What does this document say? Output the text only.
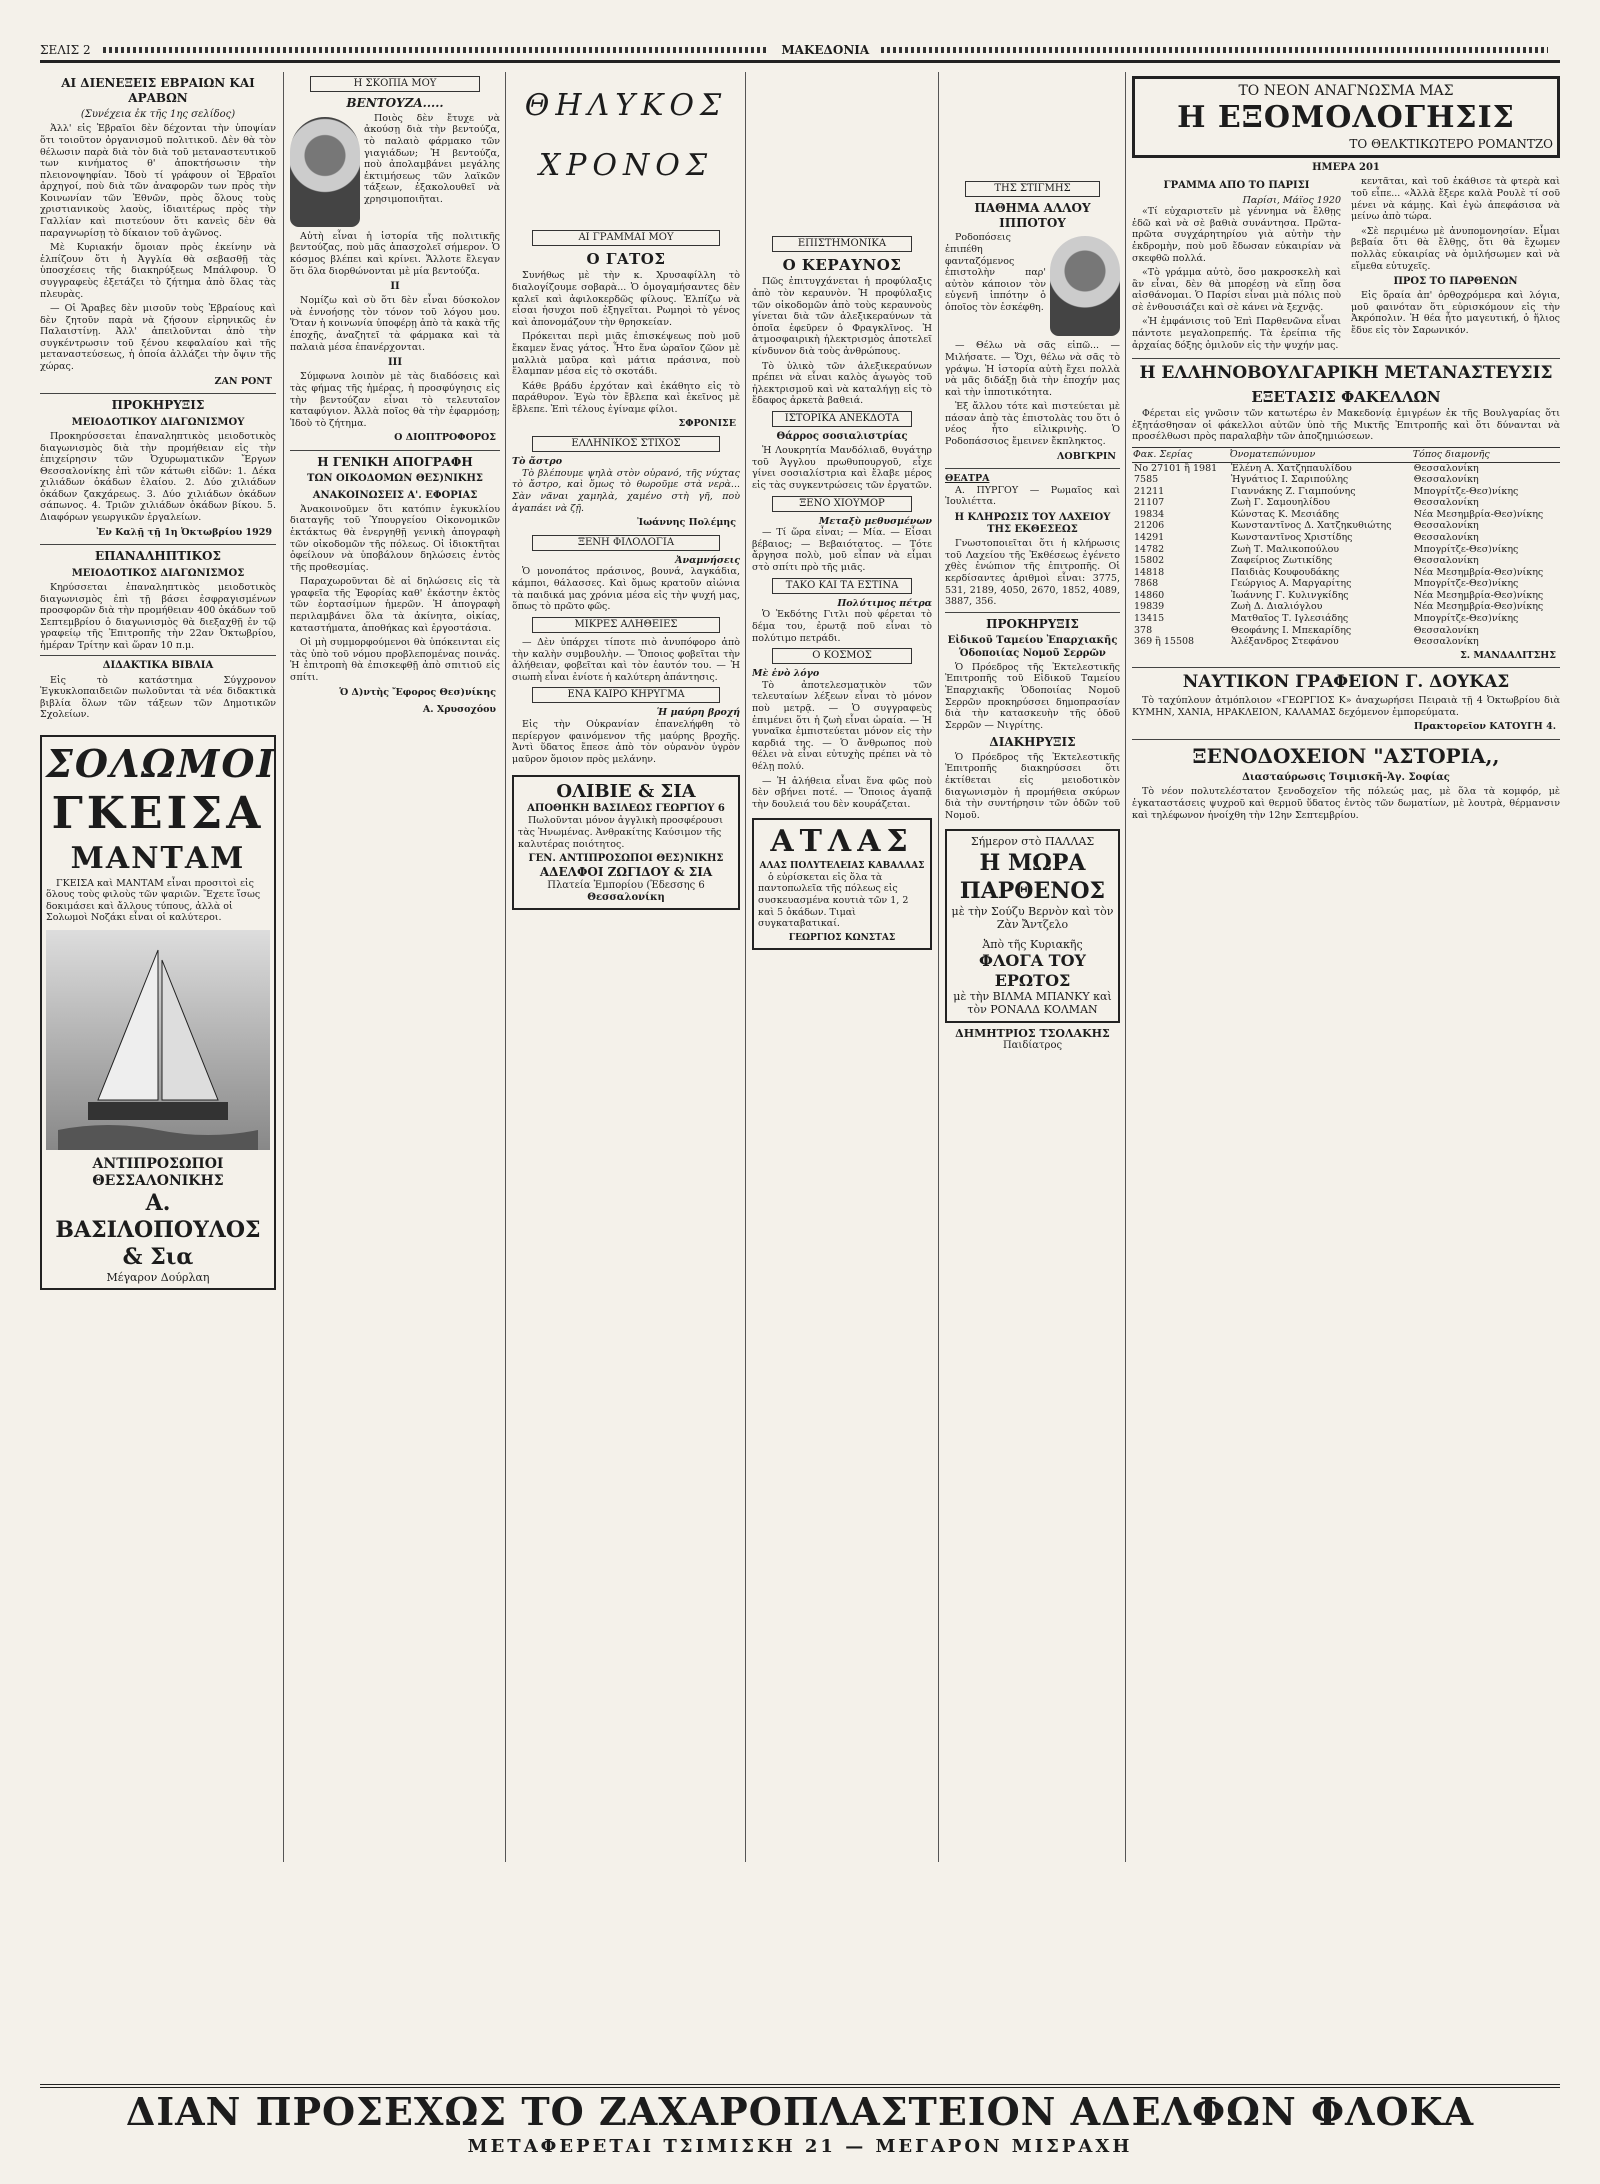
ΣΕΛΙΣ 2	ΜΑΚΕΔΟΝΙΑ
ΑΙ ΔΙΕΝΕΞΕΙΣ ΕΒΡΑΙΩΝ ΚΑΙ ΑΡΑΒΩΝ
(Συνέχεια ἐκ τῆς 1ης σελίδος)

Ἀλλ' εἰς Ἑβραῖοι δὲν δέχονται τὴν ὑποψίαν ὅτι τοιοῦτον ὀργανισμοῦ πολιτικοῦ. Δὲν θὰ τὸν θέλωσιν παρὰ διὰ τὸν διὰ τοῦ μεταναστευτικοῦ των κινήματος θ' ἀποκτήσωσιν τὴν πλειονοψηφίαν. Ἰδοὺ τί γράφουν οἱ Ἑβραῖοι ἀρχηγοί, ποὺ διὰ τῶν ἀναφορῶν των πρὸς τὴν Κοινωνίαν τῶν Ἐθνῶν, πρὸς ὅλους τοὺς χριστιανικοὺς λαοὺς, ἰδιαιτέρως πρὸς τὴν Γαλλίαν καὶ πιστεύουν ὅτι κανεὶς δὲν θὰ παραγνωρίσῃ τὸ δίκαιον τοῦ ἀγῶνος.

Μὲ Κυριακήν ὅμοιαν πρὸς ἐκείνην νὰ ἐλπίζουν ὅτι ἡ Ἀγγλία θὰ σεβασθῇ τὰς ὑποσχέσεις τῆς διακηρύξεως Μπάλφουρ. Ὁ συγγραφεὺς ἐξετάζει τὸ ζήτημα ἀπὸ ὅλας τὰς πλευρὰς.

— Οἱ Ἄραβες δὲν μισοῦν τοὺς Ἑβραίους καὶ δὲν ζητοῦν παρὰ νὰ ζήσουν εἰρηνικῶς ἐν Παλαιστίνῃ. Ἀλλ' ἀπειλοῦνται ἀπὸ τὴν συγκέντρωσιν τοῦ ξένου κεφαλαίου καὶ τῆς μεταναστεύσεως, ἡ ὁποία ἀλλάζει τὴν ὄψιν τῆς χώρας.

ZAN PONT
ΠΡΟΚΗΡΥΞΙΣ
ΜΕΙΟΔΟΤΙΚΟΥ ΔΙΑΓΩΝΙΣΜΟΥ

Προκηρύσσεται ἐπαναληπτικὸς μειοδοτικὸς διαγωνισμὸς διὰ τὴν προμήθειαν εἰς τὴν ἐπιχείρησιν τῶν Ὀχυρωματικῶν Ἔργων Θεσσαλονίκης ἐπὶ τῶν κάτωθι εἰδῶν: 1. Δέκα χιλιάδων ὀκάδων ἐλαίου. 2. Δύο χιλιάδων ὀκάδων ζακχάρεως. 3. Δύο χιλιάδων ὀκάδων σάπωνος. 4. Τριῶν χιλιάδων ὀκάδων βίκου. 5. Διαφόρων γεωργικῶν ἐργαλείων.

Ἐν Καλῇ τῇ 1η Ὀκτωβρίου 1929
ΕΠΑΝΑΛΗΠΤΙΚΟΣ
ΜΕΙΟΔΟΤΙΚΟΣ ΔΙΑΓΩΝΙΣΜΟΣ

Κηρύσσεται ἐπαναληπτικὸς μειοδοτικὸς διαγωνισμὸς ἐπὶ τῇ βάσει ἐσφραγισμένων προσφορῶν διὰ τὴν προμήθειαν 400 ὀκάδων τοῦ Σεπτεμβρίου ὁ διαγωνισμὸς θὰ διεξαχθῇ ἐν τῷ γραφείῳ τῆς Ἐπιτροπῆς τὴν 22αν Ὀκτωβρίου, ἡμέραν Τρίτην καὶ ὥραν 10 π.μ.

ΔΙΔΑΚΤΙΚΑ ΒΙΒΛΙΑ

Εἰς τὸ κατάστημα Σύγχρονον Ἐγκυκλοπαιδειῶν πωλοῦνται τὰ νέα διδακτικὰ βιβλία ὅλων τῶν τάξεων τῶν Δημοτικῶν Σχολείων.

ΣΟΛΩΜΟΙ
ΓΚΕΙΣΑ
ΜΑΝΤΑΜ

ΓΚΕΙΣΑ καὶ ΜΑΝΤΑΜ εἶναι προσιτοὶ εἰς ὅλους τοὺς φιλοὺς τῶν ψαριῶν. Ἔχετε ἴσως δοκιμάσει καὶ ἄλλους τύπους, ἀλλὰ οἱ Σολωμοὶ Νοζάκι εἶναι οἱ καλύτεροι.

ΑΝΤΙΠΡΟΣΩΠΟΙ ΘΕΣΣΑΛΟΝΙΚΗΣ
Α. ΒΑΣΙΛΟΠΟΥΛΟΣ & Σια
Μέγαρον Δούρλαη
Η ΣΚΟΠΙΑ ΜΟΥ
ΒΕΝΤΟΥΖΑ.....

Ποιὸς δὲν ἔτυχε νὰ ἀκούσῃ διὰ τὴν βεντούζα, τὸ παλαιὸ φάρμακο τῶν γιαγιάδων; Ἡ βεντούζα, ποὺ ἀπολαμβάνει μεγάλης ἐκτιμήσεως τῶν λαϊκῶν τάξεων, ἐξακολουθεῖ νὰ χρησιμοποιῆται.

Αὐτὴ εἶναι ἡ ἱστορία τῆς πολιτικῆς βεντούζας, ποὺ μᾶς ἀπασχολεῖ σήμερον. Ὁ κόσμος βλέπει καὶ κρίνει. Ἄλλοτε ἔλεγαν ὅτι ὅλα διορθώνονται μὲ μία βεντούζα.

ΙΙ

Νομίζω καὶ σὺ ὅτι δὲν εἶναι δύσκολον νὰ ἐννοήσῃς τὸν τόνον τοῦ λόγου μου. Ὅταν ἡ κοινωνία ὑποφέρῃ ἀπὸ τὰ κακὰ τῆς ἐποχῆς, ἀναζητεῖ τὰ φάρμακα καὶ τὰ παλαιὰ μέσα ἐπανέρχονται.

ΙΙΙ

Σύμφωνα λοιπὸν μὲ τὰς διαδόσεις καὶ τὰς φήμας τῆς ἡμέρας, ἡ προσφύγησις εἰς τὴν βεντούζαν εἶναι τὸ τελευταῖον καταφύγιον. Ἀλλὰ ποῖος θὰ τὴν ἐφαρμόσῃ; Ἰδοὺ τὸ ζήτημα.

Ο ΔΙΟΠΤΡΟΦΟΡΟΣ
Η ΓΕΝΙΚΗ ΑΠΟΓΡΑΦΗ
ΤΩΝ ΟΙΚΟΔΟΜΩΝ ΘΕΣ)ΝΙΚΗΣ
ΑΝΑΚΟΙΝΩΣΕΙΣ Α'. ΕΦΟΡΙΑΣ

Ἀνακοινοῦμεν ὅτι κατόπιν ἐγκυκλίου διαταγῆς τοῦ Ὑπουργείου Οἰκονομικῶν ἐκτάκτως θὰ ἐνεργηθῇ γενικὴ ἀπογραφὴ τῶν οἰκοδομῶν τῆς πόλεως. Οἱ ἰδιοκτῆται ὀφείλουν νὰ ὑποβάλουν δηλώσεις ἐντὸς τῆς προθεσμίας.

Παραχωροῦνται δὲ αἱ δηλώσεις εἰς τὰ γραφεῖα τῆς Ἐφορίας καθ' ἑκάστην ἐκτὸς τῶν ἑορτασίμων ἡμερῶν. Ἡ ἀπογραφὴ περιλαμβάνει ὅλα τὰ ἀκίνητα, οἰκίας, καταστήματα, ἀποθήκας καὶ ἐργοστάσια.

Οἱ μὴ συμμορφούμενοι θὰ ὑπόκεινται εἰς τὰς ὑπὸ τοῦ νόμου προβλεπομένας ποινάς. Ἡ ἐπιτροπὴ θὰ ἐπισκεφθῇ ἀπὸ σπιτιοῦ εἰς σπίτι.

Ὁ Δ)ντὴς Ἔφορος Θεσ)νίκης
Α. Χρυσοχόου
ΘΗΛΥΚΟΣ ΧΡΟΝΟΣ
ΑΙ ΓΡΑΜΜΑΙ ΜΟΥ
Ο ΓΑΤΟΣ

Συνήθως μὲ τὴν κ. Χρυσαφίλλη τὸ διαλογίζουμε σοβαρὰ... Ὁ ὁμογαμήσαντες δὲν καλεῖ καὶ ἀφιλοκερδῶς φίλους. Ἐλπίζω νὰ εἶσαι ἡσυχοι ποῦ ἐξηγεῖται. Ρωμηοὶ τὸ γένος καὶ ἀπονομάζουν τὴν θρησκείαν.

Πρόκειται περὶ μιᾶς ἐπισκέψεως ποὺ μοῦ ἔκαμεν ἕνας γάτος. Ἦτο ἕνα ὡραῖον ζῶον μὲ μαλλιὰ μαῦρα καὶ μάτια πράσινα, ποὺ ἔλαμπαν μέσα εἰς τὸ σκοτάδι.

Κάθε βράδυ ἐρχόταν καὶ ἐκάθητο εἰς τὸ παράθυρον. Ἐγὼ τὸν ἔβλεπα καὶ ἐκεῖνος μὲ ἔβλεπε. Ἐπὶ τέλους ἐγίναμε φίλοι.

ΣΦΡΟΝΙΣΕ
ΕΛΛΗΝΙΚΟΣ ΣΤΙΧΟΣ
Τὸ ἄστρο

Τὸ βλέπουμε ψηλὰ στὸν οὐρανό, τῆς νύχτας τὸ ἄστρο, καὶ ὅμως τὸ θωροῦμε στὰ νερὰ... Σὰν νᾶναι χαμηλὰ, χαμένο στὴ γῆ, ποὺ ἀγαπάει νὰ ζῇ.

Ἰωάννης Πολέμης
ΞΕΝΗ ΦΙΛΟΛΟΓΙΑ
Ἀναμνήσεις

Ὁ μονοπάτος πράσινος, βουνά, λαγκάδια, κάμποι, θάλασσες. Καὶ ὅμως κρατοῦν αἰώνια τὰ παιδικά μας χρόνια μέσα εἰς τὴν ψυχή μας, ὅπως τὸ πρῶτο φῶς.

ΜΙΚΡΕΣ ΑΛΗΘΕΙΕΣ

— Δὲν ὑπάρχει τίποτε πιὸ ἀνυπόφορο ἀπὸ τὴν καλὴν συμβουλὴν. — Ὅποιος φοβεῖται τὴν ἀλήθειαν, φοβεῖται καὶ τὸν ἑαυτόν του. — Ἡ σιωπὴ εἶναι ἐνίοτε ἡ καλύτερη ἀπάντησις.

ΕΝΑ ΚΑΙΡΟ ΚΗΡΥΓΜΑ
Ἡ μαύρη βροχή

Εἰς τὴν Οὐκρανίαν ἐπανελήφθη τὸ περίεργον φαινόμενον τῆς μαύρης βροχῆς. Ἀντὶ ὕδατος ἔπεσε ἀπὸ τὸν οὐρανὸν ὑγρὸν μαῦρον ὅμοιον πρὸς μελάνην.

ΟΛΙΒΙΕ & ΣΙΑ
ΑΠΟΘΗΚΗ ΒΑΣΙΛΕΩΣ ΓΕΩΡΓΙΟΥ 6

Πωλοῦνται μόνον ἀγγλικὴ προσφέρουσι τὰς Ἡνωμένας. Ἀνθρακίτης Καύσιμον τῆς καλυτέρας ποιότητος.

ΓΕΝ. ΑΝΤΙΠΡΟΣΩΠΟΙ ΘΕΣ)ΝΙΚΗΣ
ΑΔΕΛΦΟΙ ΖΩΓΙΔΟΥ & ΣΙΑ
Πλατεία Ἐμπορίου (Ἐδεσσης 6
Θεσσαλονίκη
ΕΠΙΣΤΗΜΟΝΙΚΑ
Ο ΚΕΡΑΥΝΟΣ

Πῶς ἐπιτυγχάνεται ἡ προφύλαξις ἀπὸ τὸν κεραυνὸν. Ἡ προφύλαξις τῶν οἰκοδομῶν ἀπὸ τοὺς κεραυνοὺς γίνεται διὰ τῶν ἀλεξικεραύνων τὰ ὁποῖα ἐφεῦρεν ὁ Φραγκλῖνος. Ἡ ἀτμοσφαιρικὴ ἠλεκτρισμὸς ἀποτελεῖ κίνδυνον διὰ τοὺς ἀνθρώπους.

Τὸ ὑλικὸ τῶν ἀλεξικεραύνων πρέπει νὰ εἶναι καλὸς ἀγωγὸς τοῦ ἠλεκτρισμοῦ καὶ νὰ καταλήγῃ εἰς τὸ ἔδαφος ἀρκετὰ βαθειά.

ΙΣΤΟΡΙΚΑ ΑΝΕΚΔΟΤΑ
Θάρρος σοσιαλιστρίας

Ἡ Λουκρητία Μανδόλιαδ, θυγάτηρ τοῦ Ἀγγλου πρωθυπουργοῦ, εἶχε γίνει σοσιαλίστρια καὶ ἔλαβε μέρος εἰς τὰς συγκεντρώσεις τῶν ἐργατῶν.

ΞΕΝΟ ΧΙΟΥΜΟΡ
Μεταξὺ μεθυσμένων

— Τί ὥρα εἶναι; — Μία. — Εἶσαι βέβαιος; — Βεβαιότατος. — Τότε ἄργησα πολὺ, μοῦ εἶπαν νὰ εἶμαι στὸ σπίτι πρὸ τῆς μιᾶς.

ΤΑΚΟ ΚΑΙ ΤΑ ΕΣΤΙΝΑ
Πολύτιμος πέτρα

Ὁ Ἐκδότης Γιτλι ποὺ φέρεται τὸ δέμα του, ἐρωτᾷ ποῦ εἶναι τὸ πολύτιμο πετράδι.

Ο ΚΟΣΜΟΣ
Μὲ ἑνὸ λόγο

Τὸ ἀποτελεσματικὸν τῶν τελευταίων λέξεων εἶναι τὸ μόνον ποὺ μετρᾷ. — Ὁ συγγραφεὺς ἐπιμένει ὅτι ἡ ζωὴ εἶναι ὡραία. — Ἡ γυναῖκα ἐμπιστεύεται μόνον εἰς τὴν καρδιά της. — Ὁ ἄνθρωπος ποὺ θέλει νὰ εἶναι εὐτυχὴς πρέπει νὰ τὸ θέλῃ πολύ.

— Ἡ ἀλήθεια εἶναι ἕνα φῶς ποὺ δὲν σβήνει ποτέ. — Ὅποιος ἀγαπᾷ τὴν δουλειά του δὲν κουράζεται.

ΑΤΛΑΣ
ΑΛΑΣ ΠΟΛΥΤΕΛΕΙΑΣ ΚΑΒΑΛΛΑΣ

ὁ εὐρίσκεται εἰς ὅλα τὰ παντοπωλεῖα τῆς πόλεως εἰς συσκευασμένα κουτιὰ τῶν 1, 2 καὶ 5 ὀκάδων. Τιμαὶ συγκαταβατικαί.

ΓΕΩΡΓΙΟΣ ΚΩΝΣΤΑΣ
ΤΗΣ ΣΤΙΓΜΗΣ
ΠΑΘΗΜΑ ΑΛΛΟΥ ΙΠΠΟΤΟΥ

Ροδοπόσεις ἐπιπέθη φανταζόμενος ἐπιστολὴν παρ' αὐτὸν κάποιον τὸν εὐγενῆ ἱππότην ὁ ὁποῖος τὸν ἐσκέφθη.

— Θέλω νὰ σᾶς εἰπῶ... — Μιλήσατε. — Ὄχι, θέλω νὰ σᾶς τὸ γράψω. Ἡ ἱστορία αὐτὴ ἔχει πολλὰ νὰ μᾶς διδάξῃ διὰ τὴν ἐποχήν μας καὶ τὴν ἱπποτικότητα.

Ἐξ ἄλλου τότε καὶ πιστεύεται μὲ πάσαν ἀπὸ τὰς ἐπιστολὰς του ὅτι ὁ νέος ἦτο εἰλικρινὴς. Ὁ Ροδοπάσσιος ἔμεινεν ἔκπληκτος.

ΛΟΒΓΚΡΙΝ
ΘΕΑΤΡΑ

Α. ΠΥΡΓΟΥ — Ρωμαῖος καὶ Ἰουλιέττα.

Η ΚΛΗΡΩΣΙΣ ΤΟΥ ΛΑΧΕΙΟΥ ΤΗΣ ΕΚΘΕΣΕΩΣ

Γνωστοποιεῖται ὅτι ἡ κλήρωσις τοῦ Λαχείου τῆς Ἐκθέσεως ἐγένετο χθὲς ἐνώπιον τῆς ἐπιτροπῆς. Οἱ κερδίσαντες ἀριθμοὶ εἶναι: 3775, 531, 2189, 4050, 2670, 1852, 4089, 3887, 356.

ΠΡΟΚΗΡΥΞΙΣ
Εἰδικοῦ Ταμείου Ἐπαρχιακῆς Ὁδοποιίας Νομοῦ Σερρῶν

Ὁ Πρόεδρος τῆς Ἐκτελεστικῆς Ἐπιτροπῆς τοῦ Εἰδικοῦ Ταμείου Ἐπαρχιακῆς Ὁδοποιίας Νομοῦ Σερρῶν προκηρύσσει δημοπρασίαν διὰ τὴν κατασκευὴν τῆς ὁδοῦ Σερρῶν — Νιγρίτης.

ΔΙΑΚΗΡΥΞΙΣ

Ὁ Πρόεδρος τῆς Ἐκτελεστικῆς Ἐπιτροπῆς διακηρύσσει ὅτι ἐκτίθεται εἰς μειοδοτικὸν διαγωνισμὸν ἡ προμήθεια σκύρων διὰ τὴν συντήρησιν τῶν ὁδῶν τοῦ Νομοῦ.

Σήμερον στὸ ΠΑΛΛΑΣ
Η ΜΩΡΑ ΠΑΡΘΕΝΟΣ
μὲ τὴν Σούζυ Βερνὸν καὶ τὸν Ζὰν Ἄντζελο
Ἀπὸ τῆς Κυριακῆς
ΦΛΟΓΑ ΤΟΥ ΕΡΩΤΟΣ
μὲ τὴν ΒΙΛΜΑ ΜΠΑΝΚΥ καὶ τὸν ΡΟΝΑΛΔ ΚΟΛΜΑΝ
ΔΗΜΗΤΡΙΟΣ ΤΣΟΛΑΚΗΣ
Παιδίατρος
ΤΟ ΝΕΟΝ ΑΝΑΓΝΩΣΜΑ ΜΑΣ
Η ΕΞΟΜΟΛΟΓΗΣΙΣ
ΤΟ ΘΕΛΚΤΙΚΩΤΕΡΟ ΡΟΜΑΝΤΖΟ
ΗΜΕΡΑ 201
ΓΡΑΜΜΑ ΑΠΟ ΤΟ ΠΑΡΙΣΙ
Παρίσι, Μάϊος 1920

«Τί εὐχαριστεῖν μὲ γέννημα νὰ ἔλθῃς ἐδῶ καὶ νὰ σὲ βαθιὰ συνάντησα. Πρῶτα-πρῶτα συγχάρητηρίου γιὰ αὐτὴν τὴν ἐκδρομὴν, ποὺ μοῦ ἔδωσαν εὐκαιρίαν νὰ σκεφθῶ πολλά.

«Τὸ γράμμα αὐτὸ, ὅσο μακροσκελὴ καὶ ἂν εἶναι, δὲν θὰ μπορέσῃ νὰ εἴπῃ ὅσα αἰσθάνομαι. Ὁ Παρίσι εἶναι μιὰ πόλις ποὺ σὲ ἐνθουσιάζει καὶ σὲ κάνει νὰ ξεχνᾷς.

«Ἡ ἐμφάνισις τοῦ Ἐπὶ Παρθενῶνα εἶναι πάντοτε μεγαλοπρεπής. Τὰ ἐρείπια τῆς ἀρχαίας δόξης ὁμιλοῦν εἰς τὴν ψυχήν μας.

κεντᾶται, καὶ τοῦ ἐκάθισε τὰ φτερὰ καὶ τοῦ εἶπε... «Ἀλλὰ ἔξερε καλὰ Ρουλὲ τί σοῦ μένει νὰ κάμῃς. Καὶ ἐγὼ ἀπεφάσισα νὰ μείνω ἀπὸ τώρα.

«Σὲ περιμένω μὲ ἀνυπομονησίαν. Εἶμαι βεβαία ὅτι θὰ ἔλθῃς, ὅτι θὰ ἔχωμεν πολλὰς εὐκαιρίας νὰ ὁμιλήσωμεν καὶ νὰ εἴμεθα εὐτυχεῖς.

ΠΡΟΣ ΤΟ ΠΑΡΘΕΝΩΝ

Εἰς ὅραία ἀπ' ὀρθοχρόμερα καὶ λόγια, μοῦ φαινόταν ὅτι εὑρισκόμουν εἰς τὴν Ἀκρόπολιν. Ἡ θέα ἦτο μαγευτική, ὁ ἥλιος ἔδυε εἰς τὸν Σαρωνικόν.

Η ΕΛΛΗΝΟΒΟΥΛΓΑΡΙΚΗ ΜΕΤΑΝΑΣΤΕΥΣΙΣ
ΕΞΕΤΑΣΙΣ ΦΑΚΕΛΛΩΝ

Φέρεται εἰς γνῶσιν τῶν κατωτέρω ἐν Μακεδονίᾳ ἐμιγρέων ἐκ τῆς Βουλγαρίας ὅτι ἐξητάσθησαν οἱ φάκελλοι αὐτῶν ὑπὸ τῆς Μικτῆς Ἐπιτροπῆς καὶ ὅτι δύνανται νὰ προσέλθωσι πρὸς παραλαβὴν τῶν ἀποζημιώσεων.

Φακ. Σερίας	Ὀνοματεπώνυμον	Τόπος διαμονῆς
Νο 27101 ἢ 1981	Ἑλένη Α. Χατζηπαυλίδου	Θεσσαλονίκη
7585	Ἠγνάτιος Ι. Σαριπούλης	Θεσσαλονίκη
21211	Γιαννάκης Ζ. Γιαμπούνης	Μπογρίτζε-Θεσ)νίκης
21107	Ζωὴ Γ. Σαμουηλίδου	Θεσσαλονίκη
19834	Κώνστας Κ. Μεσιάδης	Νέα Μεσημβρία-Θεσ)νίκης
21206	Κωνσταντῖνος Δ. Χατζηκυθιώτης	Θεσσαλονίκη
14291	Κωνσταντῖνος Χριστίδης	Θεσσαλονίκη
14782	Ζωὴ Τ. Μαλικοπούλου	Μπογρίτζε-Θεσ)νίκης
15802	Ζαφείριος Ζωτικίδης	Θεσσαλονίκη
14818	Παιδιὰς Κουφουδάκης	Νέα Μεσημβρία-Θεσ)νίκης
7868	Γεώργιος Α. Μαργαρίτης	Μπογρίτζε-Θεσ)νίκης
14860	Ἰωάννης Γ. Κυλινγκίδης	Νέα Μεσημβρία-Θεσ)νίκης
19839	Ζωὴ Δ. Διαλιόγλου	Νέα Μεσημβρία-Θεσ)νίκης
13415	Ματθαῖος Τ. Ιγλεσιάδης	Μπογρίτζε-Θεσ)νίκης
378	Θεοφάνης Ι. Μπεκαρίδης	Θεσσαλονίκη
369 ἢ 15508	Ἀλέξανδρος Στεφάνου	Θεσσαλονίκη
Σ. ΜΑΝΔΑΛΙΤΣΗΣ
ΝΑΥΤΙΚΟΝ ΓΡΑΦΕΙΟΝ Γ. ΔΟΥΚΑΣ

Τὸ ταχύπλουν ἀτμόπλοιον «ΓΕΩΡΓΙΟΣ Κ» ἀναχωρήσει Πειραιὰ τῇ 4 Ὀκτωβρίου διὰ ΚΥΜΗΝ, ΧΑΝΙΑ, ΗΡΑΚΛΕΙΟΝ, ΚΑΛΑΜΑΣ δεχόμενον ἐμπορεύματα.

Πρακτορεῖον ΚΑΤΟΥΓΗ 4.
ΞΕΝΟΔΟΧΕΙΟΝ "ΑΣΤΟΡΙΑ,,
Διασταύρωσις Τσιμισκῆ-Ἁγ. Σοφίας

Τὸ νέον πολυτελέστατον ξενοδοχεῖον τῆς πόλεώς μας, μὲ ὅλα τὰ κομφόρ, μὲ ἐγκαταστάσεις ψυχροῦ καὶ θερμοῦ ὕδατος ἐντὸς τῶν δωματίων, μὲ λουτρὰ, θέρμανσιν καὶ τηλέφωνον ἠνοίχθη τὴν 12ην Σεπτεμβρίου.

ΔΙΑΝ ΠΡΟΣΕΧΩΣ ΤΟ ΖΑΧΑΡΟΠΛΑΣΤΕΙΟΝ ΑΔΕΛΦΩΝ ΦΛΟΚΑ
ΜΕΤΑΦΕΡΕΤΑΙ ΤΣΙΜΙΣΚΗ 21 — ΜΕΓΑΡΟΝ ΜΙΣΡΑΧΗ
